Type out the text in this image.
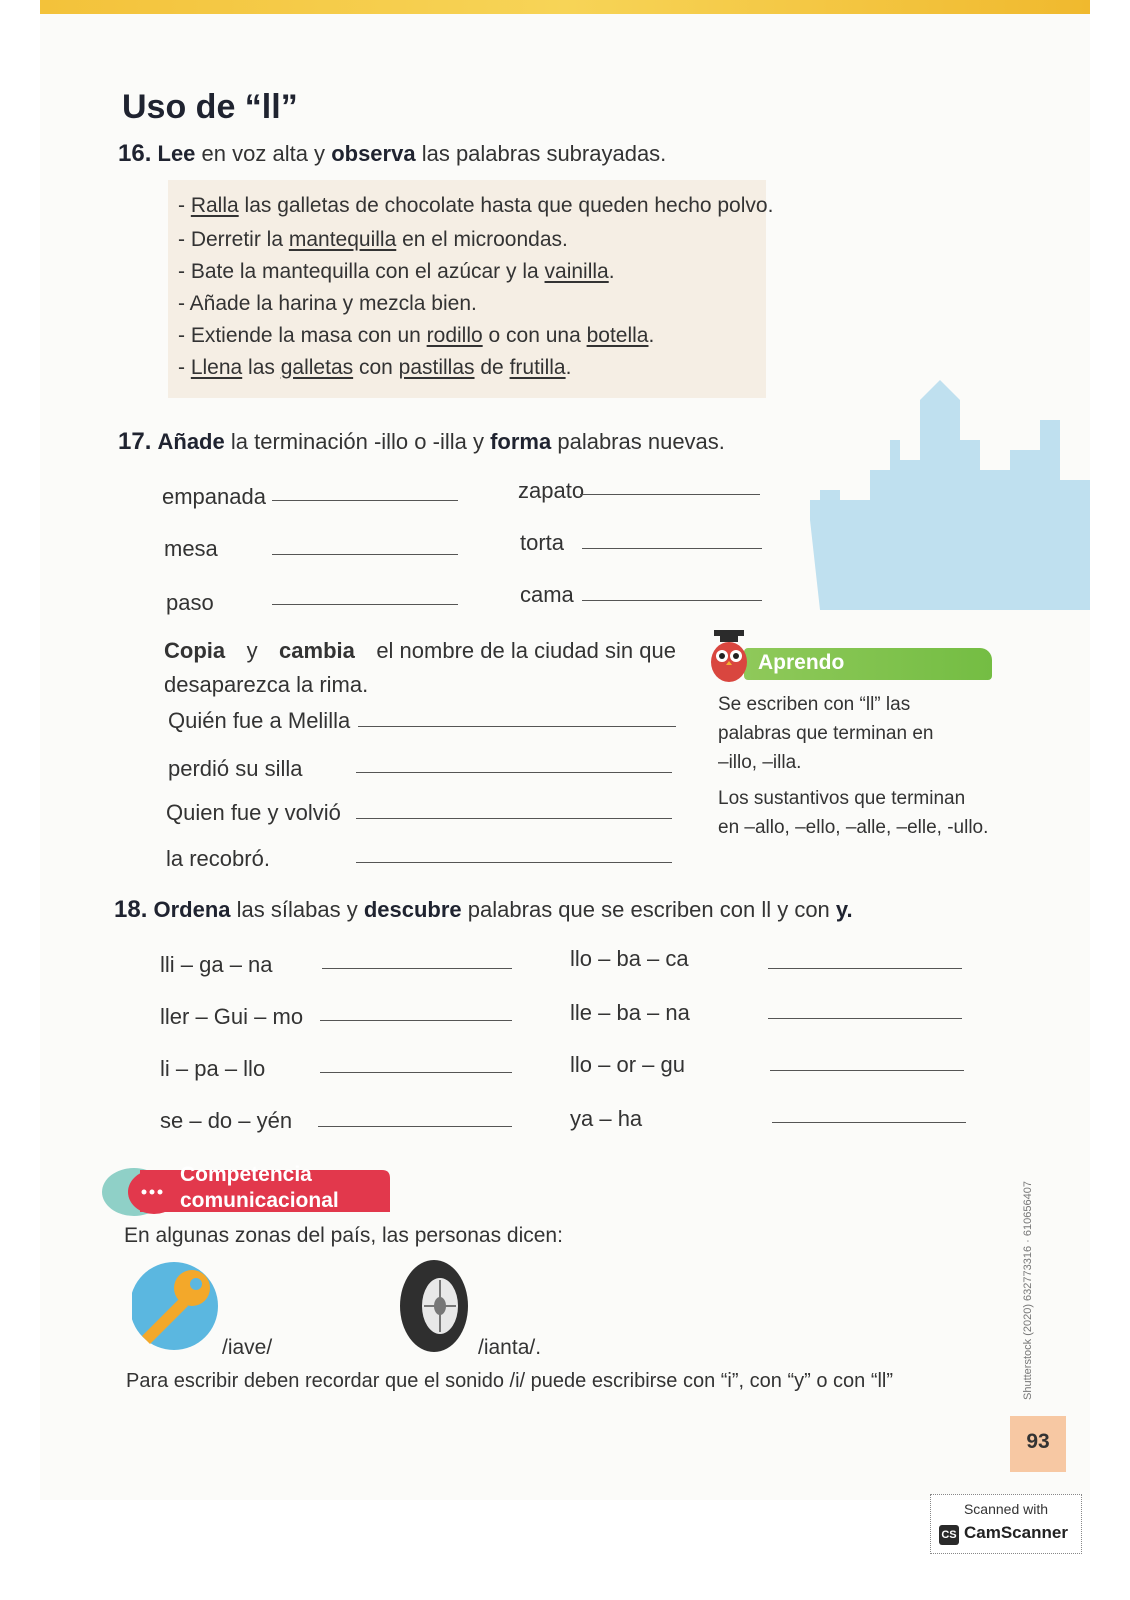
Uso de “ll”
16. Lee en voz alta y observa las palabras subrayadas.
- Ralla las galletas de chocolate hasta que queden hecho polvo.
- Derretir la mantequilla en el microondas.
- Bate la mantequilla con el azúcar y la vainilla.
- Añade la harina y mezcla bien.
- Extiende la masa con un rodillo o con una botella.
- Llena las galletas con pastillas de frutilla.
17. Añade la terminación -illo o -illa y forma palabras nuevas.
empanada	zapato
mesa	torta
paso	cama
Copia y cambia el nombre de la ciudad sin que
desaparezca la rima.
Quién fue a Melilla
perdió su silla
Quien fue y volvió
la recobró.
Aprendo
Se escriben con “ll” las
palabras que terminan en
–illo, –illa.
Los sustantivos que terminan
en –allo, –ello, –alle, –elle, -ullo.
18. Ordena las sílabas y descubre palabras que se escriben con ll y con y.
lli – ga – na	llo – ba – ca
ller – Gui – mo	lle – ba – na
li – pa – llo	llo – or – gu
se – do – yén	ya – ha
Competencia
comunicacional
En algunas zonas del país, las personas dicen:
/iave/	/ianta/.
Para escribir deben recordar que el sonido /i/ puede escribirse con “i”, con “y” o con “ll”	Shutterstock (2020) 632773316 · 610656407
93
Scanned with
CS CamScanner
